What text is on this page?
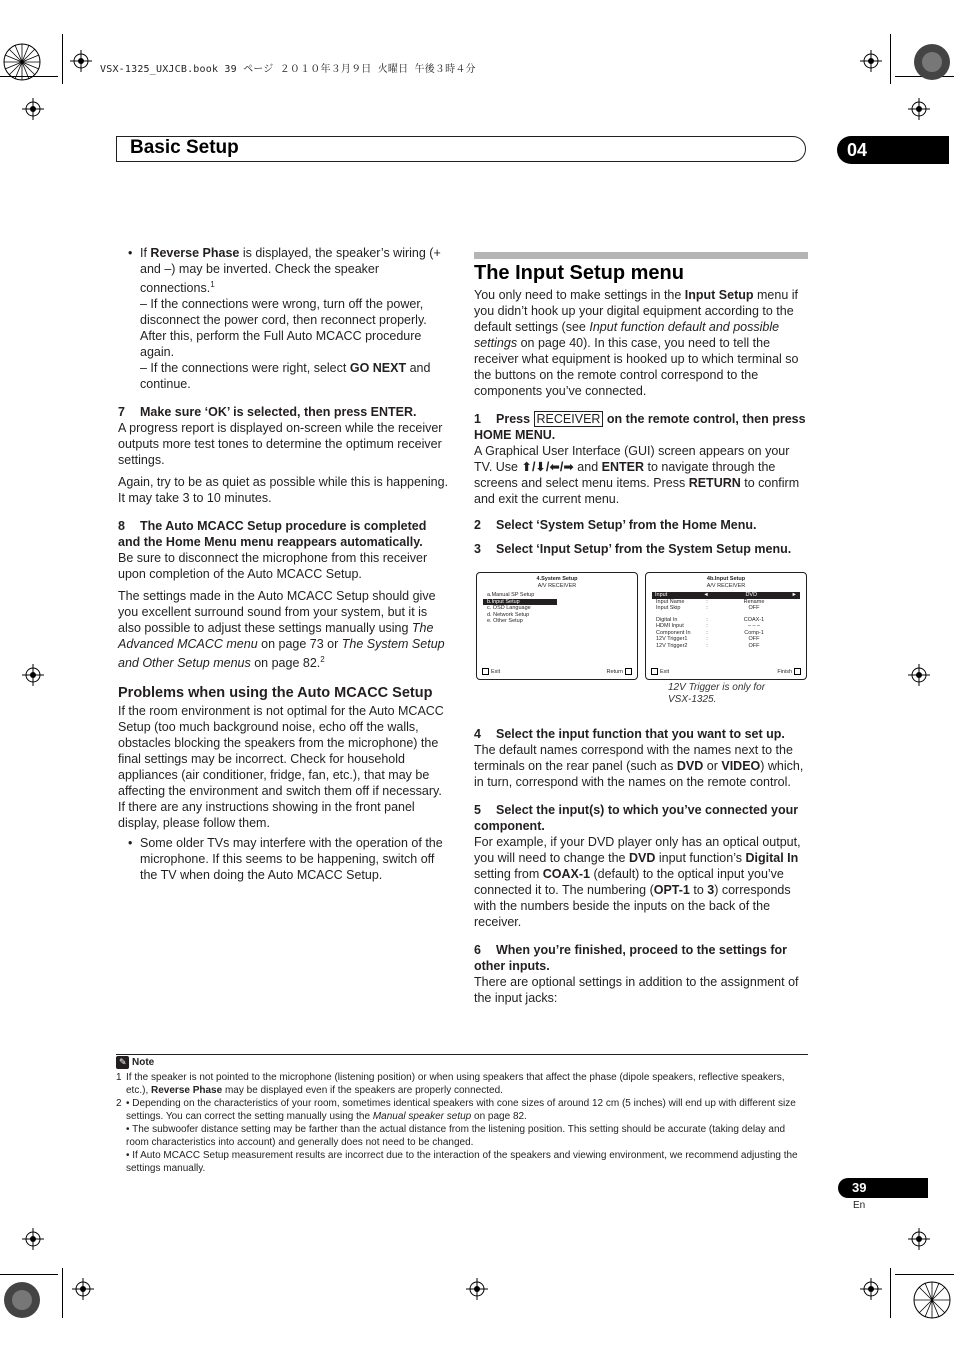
VSX-1325_UXJCB.book 39 ページ ２０１０年３月９日 火曜日 午後３時４分
Basic Setup	04

• If Reverse Phase is displayed, the speaker’s wiring (+ and –) may be inverted. Check the speaker connections.$^1$

– If the connections were wrong, turn off the power, disconnect the power cord, then reconnect properly. After this, perform the Full Auto MCACC procedure again.

– If the connections were right, select GO NEXT and continue.

7 Make sure ‘OK’ is selected, then press ENTER.

A progress report is displayed on-screen while the receiver outputs more test tones to determine the optimum receiver settings.

Again, try to be as quiet as possible while this is happening. It may take 3 to 10 minutes.

8 The Auto MCACC Setup procedure is completed and the Home Menu menu reappears automatically.

Be sure to disconnect the microphone from this receiver upon completion of the Auto MCACC Setup.

The settings made in the Auto MCACC Setup should give you excellent surround sound from your system, but it is also possible to adjust these settings manually using The Advanced MCACC menu on page 73 or The System Setup and Other Setup menus on page 82.$^2$

Problems when using the Auto MCACC Setup

If the room environment is not optimal for the Auto MCACC Setup (too much background noise, echo off the walls, obstacles blocking the speakers from the microphone) the final settings may be incorrect. Check for household appliances (air conditioner, fridge, fan, etc.), that may be affecting the environment and switch them off if necessary. If there are any instructions showing in the front panel display, please follow them.

• Some older TVs may interfere with the operation of the microphone. If this seems to be happening, switch off the TV when doing the Auto MCACC Setup.

The Input Setup menu

You only need to make settings in the Input Setup menu if you didn’t hook up your digital equipment according to the default settings (see Input function default and possible settings on page 40). In this case, you need to tell the receiver what equipment is hooked up to which terminal so the buttons on the remote control correspond to the components you’ve connected.

1 Press RECEIVER on the remote control, then press HOME MENU.

A Graphical User Interface (GUI) screen appears on your TV. Use ⬆/⬇/⬅/➡ and ENTER to navigate through the screens and select menu items. Press RETURN to confirm and exit the current menu.

2 Select ‘System Setup’ from the Home Menu.

3 Select ‘Input Setup’ from the System Setup menu.

4.System Setup
A/V RECEIVER
a.Manual SP Setup
b.Input Setup
c. OSD Language
d. Network Setup
e. Other Setup
Exit	Return
4b.Input Setup
A/V RECEIVER
Input	◄	DVD	►
Input Name	:	Rename
Input Skip	:	OFF
Digital In	:	COAX-1
HDMI Input	:	– – –
Component In	:	Comp-1
12V Trigger1	:	OFF
12V Trigger2	:	OFF
Exit	Finish
12V Trigger is only for VSX-1325.

4 Select the input function that you want to set up.

The default names correspond with the names next to the terminals on the rear panel (such as DVD or VIDEO) which, in turn, correspond with the names on the remote control.

5 Select the input(s) to which you’ve connected your component.

For example, if your DVD player only has an optical output, you will need to change the DVD input function’s Digital In setting from COAX-1 (default) to the optical input you’ve connected it to. The numbering (OPT-1 to 3) corresponds with the numbers beside the inputs on the back of the receiver.

6 When you’re finished, proceed to the settings for other inputs.

There are optional settings in addition to the assignment of the input jacks:

✎ Note
1 If the speaker is not pointed to the microphone (listening position) or when using speakers that affect the phase (dipole speakers, reflective speakers, etc.), Reverse Phase may be displayed even if the speakers are properly connected.
2 • Depending on the characteristics of your room, sometimes identical speakers with cone sizes of around 12 cm (5 inches) will end up with different size settings. You can correct the setting manually using the Manual speaker setup on page 82.
• The subwoofer distance setting may be farther than the actual distance from the listening position. This setting should be accurate (taking delay and room characteristics into account) and generally does not need to be changed.
• If Auto MCACC Setup measurement results are incorrect due to the interaction of the speakers and viewing environment, we recommend adjusting the settings manually.
39
En
